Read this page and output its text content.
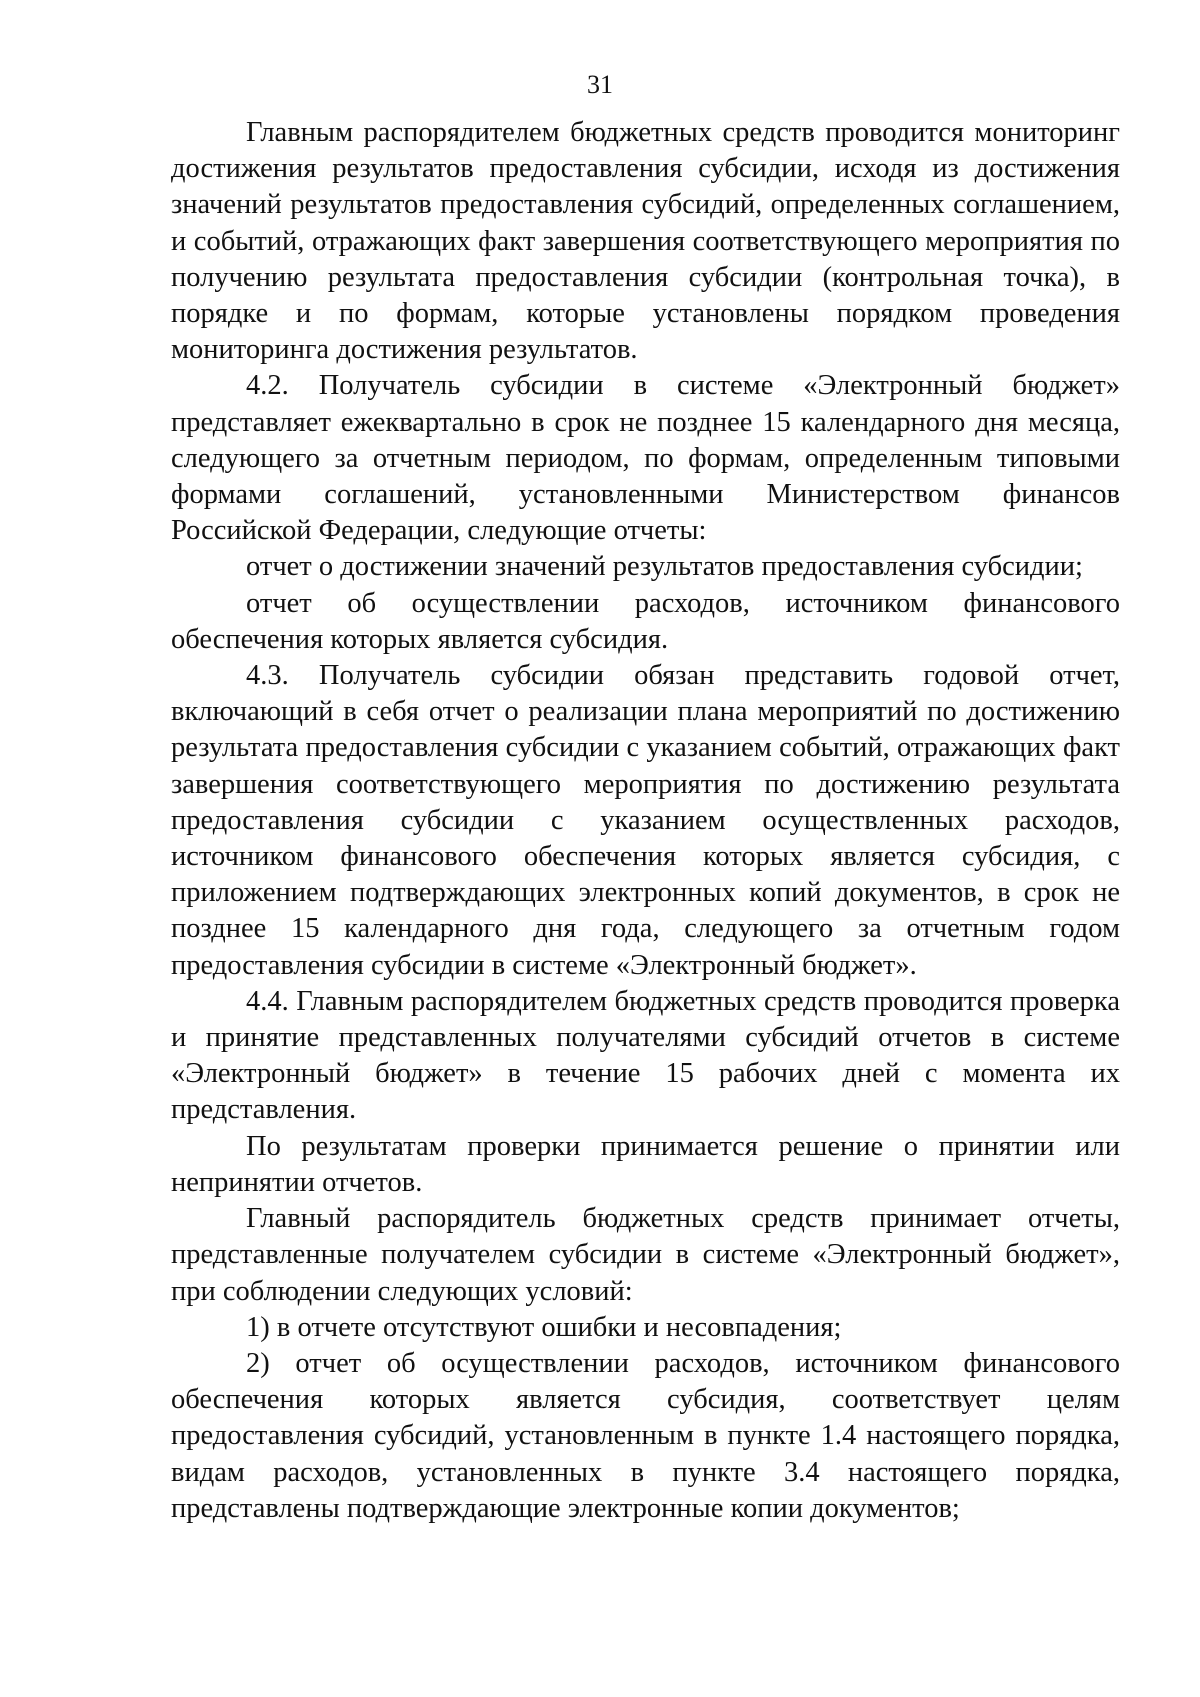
31

Главным распорядителем бюджетных средств проводится мониторинг достижения результатов предоставления субсидии, исходя из достижения значений результатов предоставления субсидий, определенных соглашением, и событий, отражающих факт завершения соответствующего мероприятия по получению результата предоставления субсидии (контрольная точка), в порядке и по формам, которые установлены порядком проведения мониторинга достижения результатов.

4.2. Получатель субсидии в системе «Электронный бюджет» представляет ежеквартально в срок не позднее 15 календарного дня месяца, следующего за отчетным периодом, по формам, определенным типовыми формами соглашений, установленными Министерством финансов Российской Федерации, следующие отчеты:

отчет о достижении значений результатов предоставления субсидии;

отчет об осуществлении расходов, источником финансового обеспечения которых является субсидия.

4.3. Получатель субсидии обязан представить годовой отчет, включающий в себя отчет о реализации плана мероприятий по достижению результата предоставления субсидии с указанием событий, отражающих факт завершения соответствующего мероприятия по достижению результата предоставления субсидии с указанием осуществленных расходов, источником финансового обеспечения которых является субсидия, с приложением подтверждающих электронных копий документов, в срок не позднее 15 календарного дня года, следующего за отчетным годом предоставления субсидии в системе «Электронный бюджет».

4.4. Главным распорядителем бюджетных средств проводится проверка и принятие представленных получателями субсидий отчетов в системе «Электронный бюджет» в течение 15 рабочих дней с момента их представления.

По результатам проверки принимается решение о принятии или непринятии отчетов.

Главный распорядитель бюджетных средств принимает отчеты, представленные получателем субсидии в системе «Электронный бюджет», при соблюдении следующих условий:

1) в отчете отсутствуют ошибки и несовпадения;

2) отчет об осуществлении расходов, источником финансового обеспечения которых является субсидия, соответствует целям предоставления субсидий, установленным в пункте 1.4 настоящего порядка, видам расходов, установленных в пункте 3.4 настоящего порядка, представлены подтверждающие электронные копии документов;
